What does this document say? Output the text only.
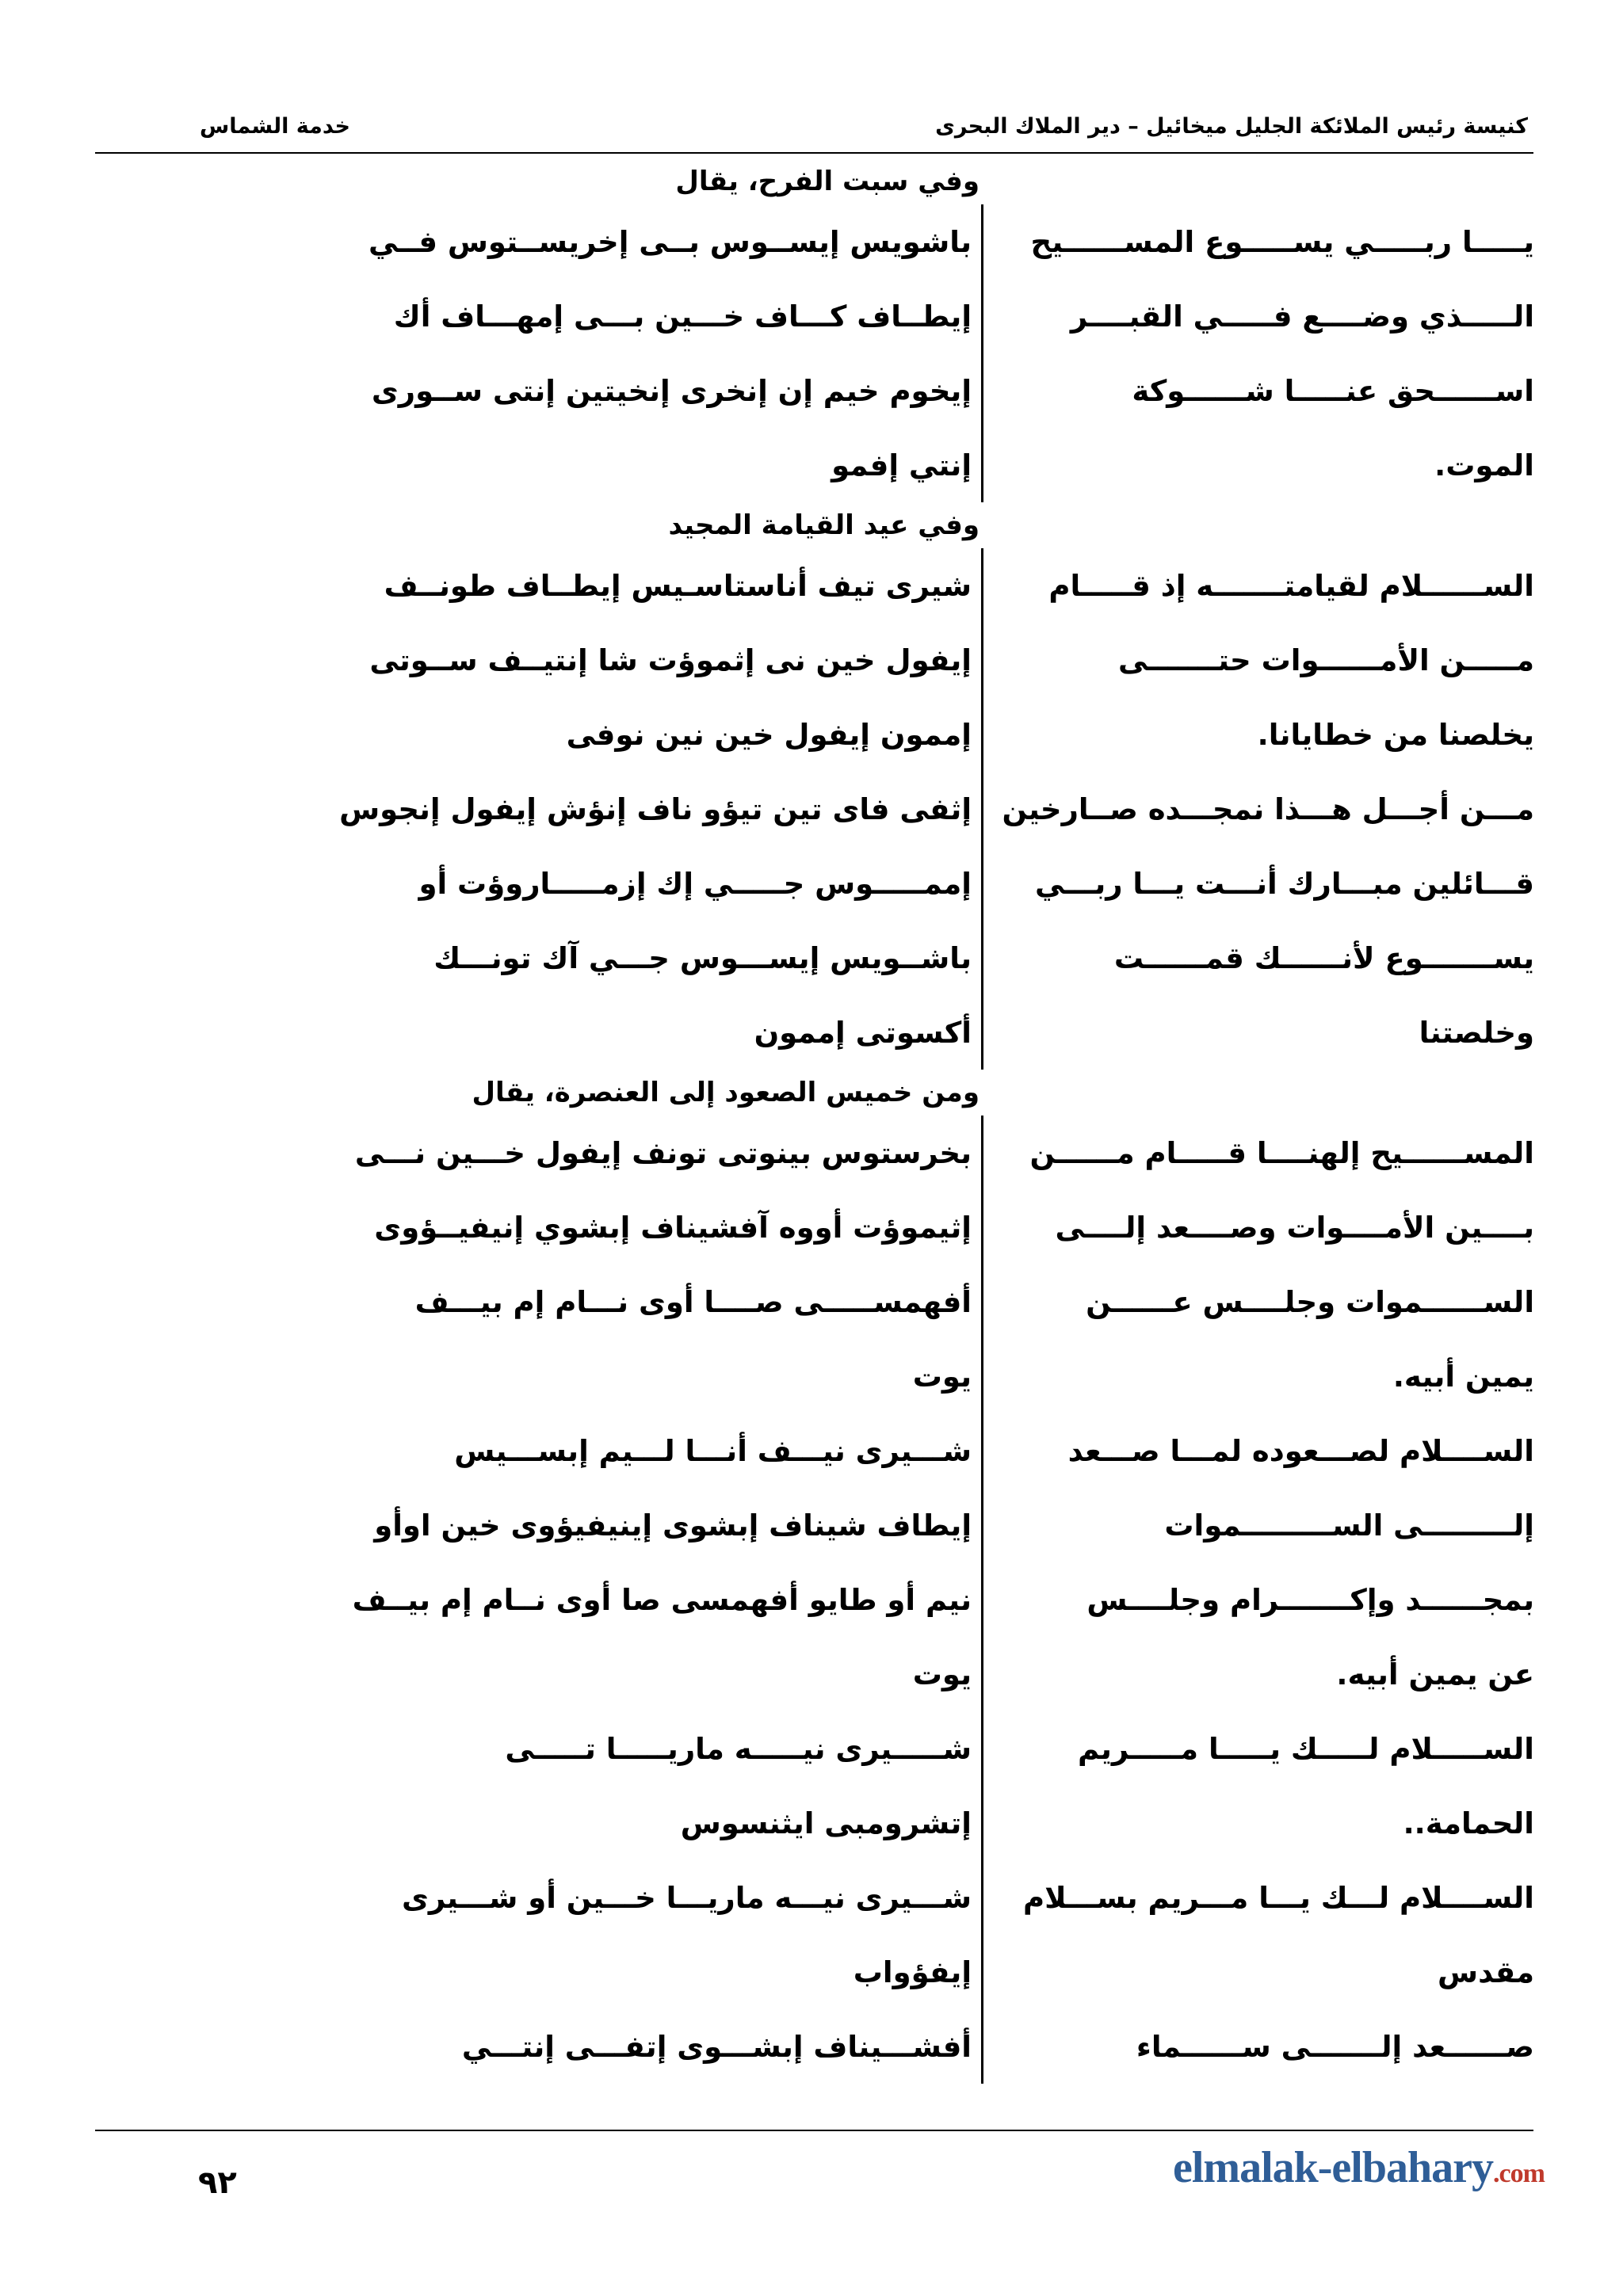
كنيسة رئيس الملائكة الجليل ميخائيل – دير الملاك البحرى
خدمة الشماس
وفي سبت الفرح، يقال
يـــــا ربـــــي يســـــوع المســــــيح
باشويس إيســوس بــى إخريســتوس فــي
الـــــذي وضــــع فـــــي القبــــر
إيطــاف كـــاف خـــين بـــى إمهـــاف أك
اســــــحق عنـــــا شــــــوكة
إيخوم خيم إن إنخرى إنخيتين إنتى ســورى
الموت.
إنتي إفمو
وفي عيد القيامة المجيد
الســــــلام لقيامتـــــــه إذ قـــــام
شيرى تيف أناستاسـيس إيطــاف طونــف
مـــــن الأمــــــوات حتـــــــى
إيفول خين نى إثموؤت شا إنتيــف ســوتى
يخلصنا من خطايانا.
إممون إيفول خين نين نوفى
مـــن أجـــل هـــذا نمجـــده صــارخين
إثفى فاى تين تيؤو ناف إنؤش إيفول إنجوس
قـــائلين مبـــارك أنـــت يـــا ربـــي
إممـــــوس جـــــي إك إزمـــــاروؤت أو
يســـــــوع لأنــــــك قمــــــت
باشــويس إيســـوس جـــي آك تونـــك
وخلصتنا
أكسوتى إممون
ومن خميس الصعود إلى العنصرة، يقال
المســــــيح إلهنــــا قـــــام مــــــن
بخرستوس بينوتى تونف إيفول خـــين نـــى
بــــين الأمــــوات وصــــعد إلــــى
إثيموؤت أووه آفشيناف إبشوي إنيفيــؤوى
الســــــموات وجلــــس عــــــن
أفهمســـــى صــــا أوى نـــام إم بيـــف
يمين أبيه.
يوت
الســــلام لصـــعوده لمـــا صـــعد
شـــيرى نيـــف أنـــا لـــيم إبســـيس
إلـــــــــى الســـــــــموات
إيطاف شيناف إبشوى إينيفيؤوى خين اوأو
بمجــــــد وإكـــــــرام وجلــــس
نيم أو طايو أفهمسى صا أوى نــام إم بيــف
عن يمين أبيه.
يوت
الســـــلام لـــــك يـــــا مـــــريم
شـــــيرى نيـــــه ماريـــــا تـــــى
الحمامة..
إتشرومبى ايثنسوس
الســــلام لـــك يـــا مـــريم بســـلام
شـــيرى نيـــه ماريـــا خـــين أو شـــيرى
مقدس
إيفؤواب
صــــــعد إلـــــــى ســــــماء
أفشـــيناف إبشـــوى إتفـــى إنتـــي
٩٢	elmalak-elbahary.com
